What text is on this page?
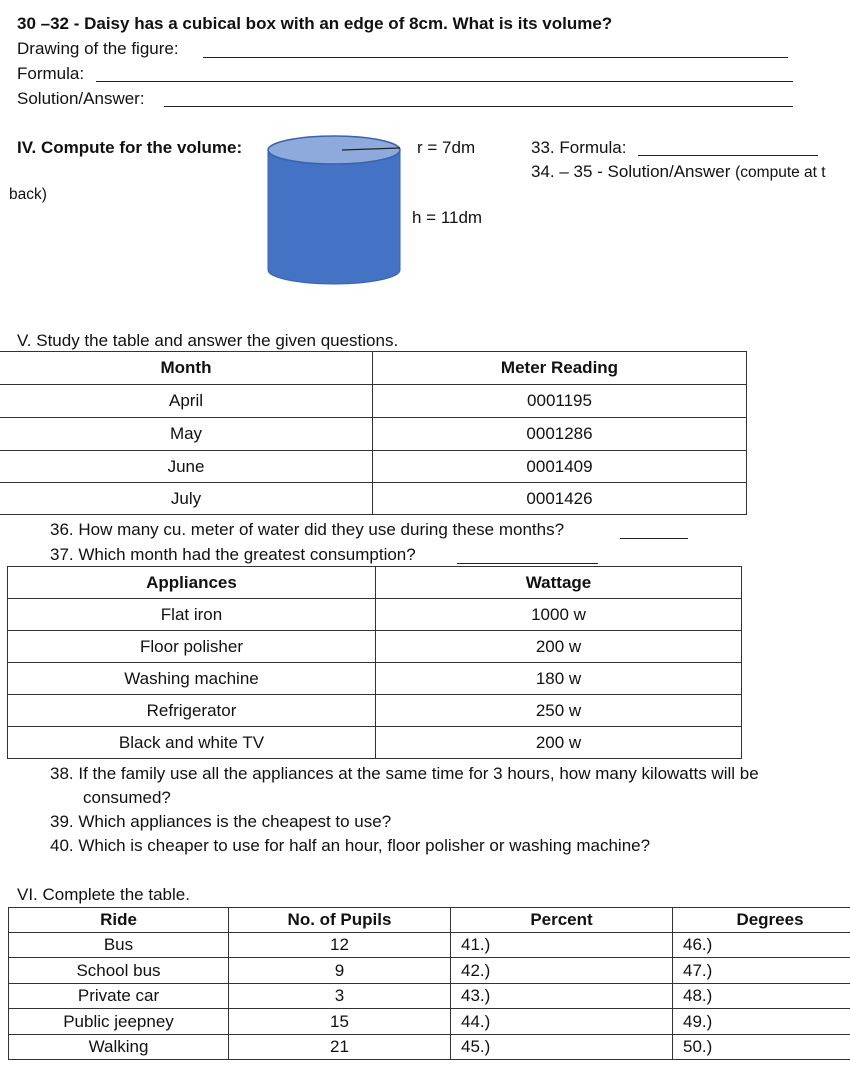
30 –32 - Daisy has a cubical box with an edge of 8cm. What is its volume?
Drawing of the figure:
Formula:
Solution/Answer:
IV. Compute for the volume:	r = 7dm
h = 11dm
33. Formula:
34. – 35 - Solution/Answer (compute at t
back)
V. Study the table and answer the given questions.
Month	Meter Reading
April	0001195
May	0001286
June	0001409
July	0001426
36. How many cu. meter of water did they use during these months?
37. Which month had the greatest consumption?
Appliances	Wattage
Flat iron	1000 w
Floor polisher	200 w
Washing machine	180 w
Refrigerator	250 w
Black and white TV	200 w
38. If the family use all the appliances at the same time for 3 hours, how many kilowatts will be
consumed?
39. Which appliances is the cheapest to use?
40. Which is cheaper to use for half an hour, floor polisher or washing machine?
VI. Complete the table.
Ride	No. of Pupils	Percent	Degrees
Bus	12	41.)	46.)
School bus	9	42.)	47.)
Private car	3	43.)	48.)
Public jeepney	15	44.)	49.)
Walking	21	45.)	50.)
